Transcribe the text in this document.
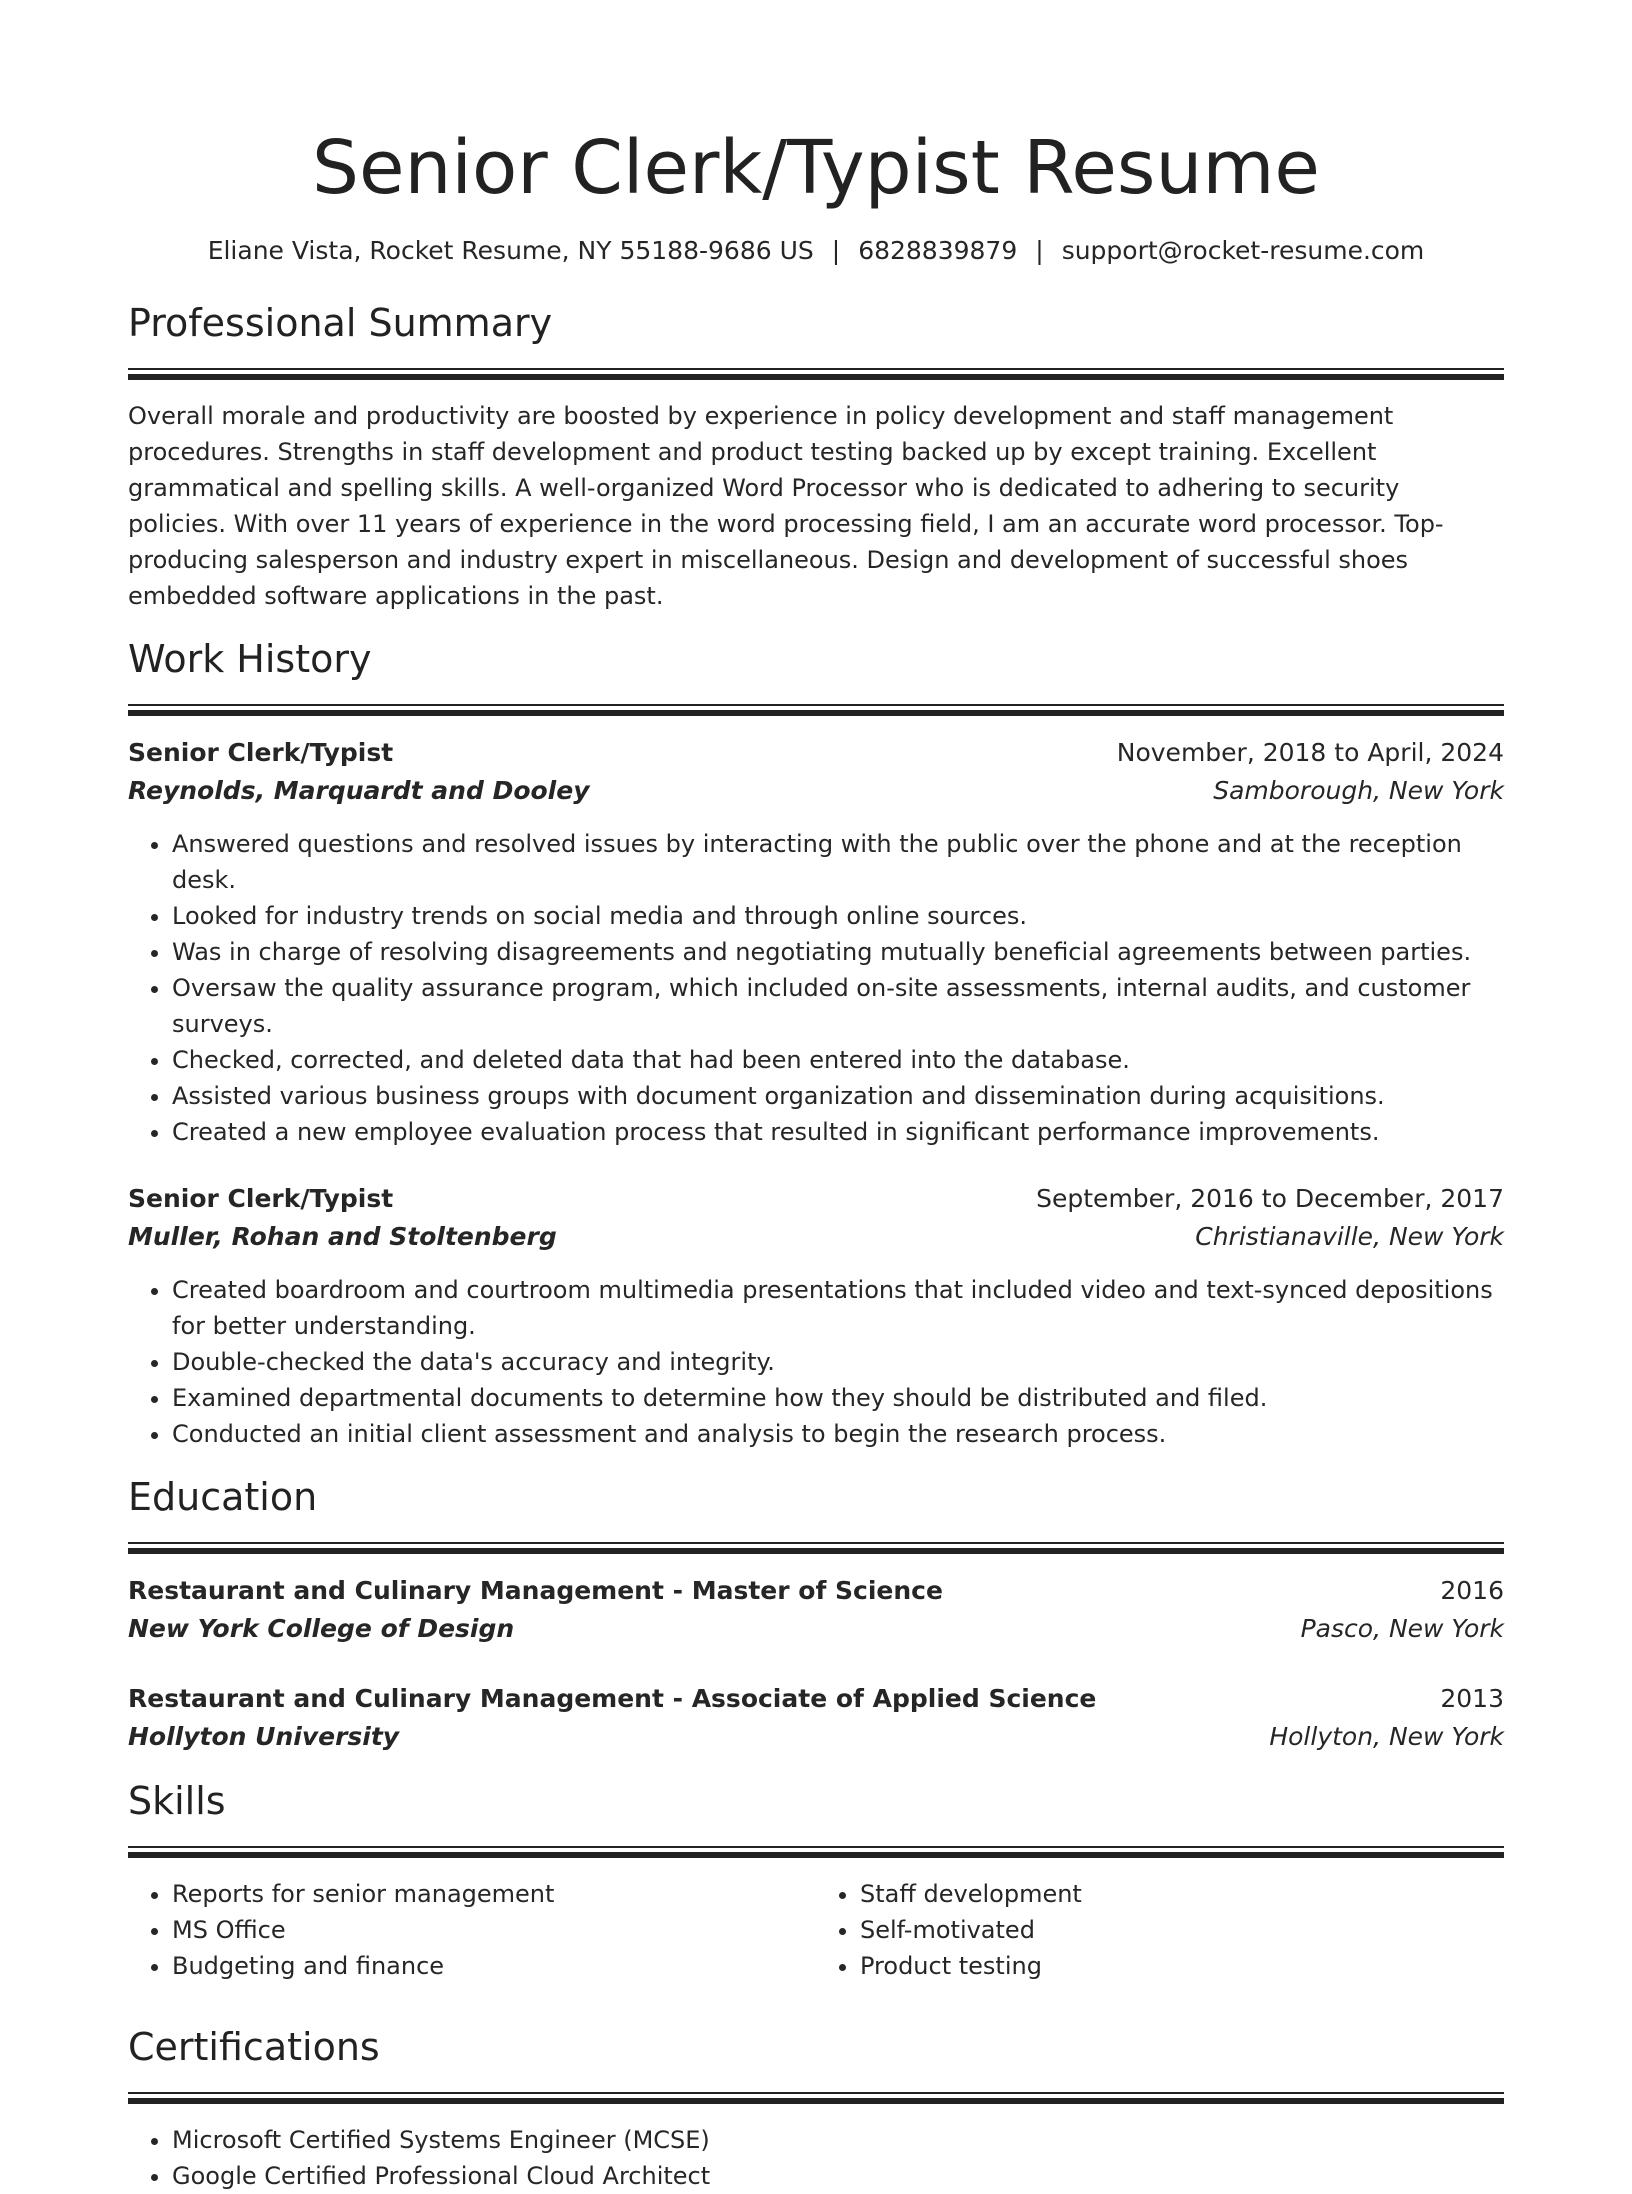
Senior Clerk/Typist Resume
Eliane Vista, Rocket Resume, NY 55188-9686 US | 6828839879 | support@rocket-resume.com
Professional Summary

Overall morale and productivity are boosted by experience in policy development and staff management procedures. Strengths in staff development and product testing backed up by except training. Excellent grammatical and spelling skills. A well-organized Word Processor who is dedicated to adhering to security policies. With over 11 years of experience in the word processing field, I am an accurate word processor. Top-producing salesperson and industry expert in miscellaneous. Design and development of successful shoes embedded software applications in the past.

Work History
Senior Clerk/Typist	November, 2018 to April, 2024
Reynolds, Marquardt and Dooley	Samborough, New York
• Answered questions and resolved issues by interacting with the public over the phone and at the reception desk.
• Looked for industry trends on social media and through online sources.
• Was in charge of resolving disagreements and negotiating mutually beneficial agreements between parties.
• Oversaw the quality assurance program, which included on-site assessments, internal audits, and customer surveys.
• Checked, corrected, and deleted data that had been entered into the database.
• Assisted various business groups with document organization and dissemination during acquisitions.
• Created a new employee evaluation process that resulted in significant performance improvements.
Senior Clerk/Typist	September, 2016 to December, 2017
Muller, Rohan and Stoltenberg	Christianaville, New York
• Created boardroom and courtroom multimedia presentations that included video and text-synced depositions for better understanding.
• Double-checked the data's accuracy and integrity.
• Examined departmental documents to determine how they should be distributed and filed.
• Conducted an initial client assessment and analysis to begin the research process.
Education
Restaurant and Culinary Management - Master of Science	2016
New York College of Design	Pasco, New York
Restaurant and Culinary Management - Associate of Applied Science	2013
Hollyton University	Hollyton, New York
Skills
• Reports for senior management
• MS Office
• Budgeting and finance
• Staff development
• Self-motivated
• Product testing
Certifications
• Microsoft Certified Systems Engineer (MCSE)
• Google Certified Professional Cloud Architect
